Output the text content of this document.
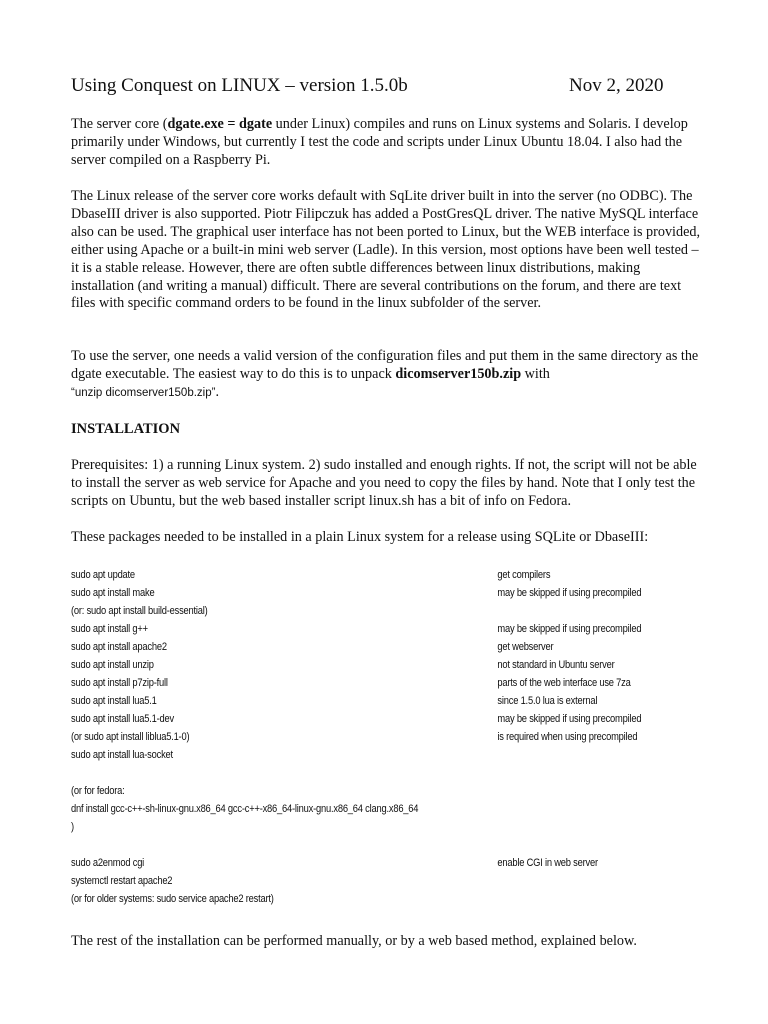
Using Conquest on LINUX – version 1.5.0b	Nov 2, 2020

The server core (dgate.exe = dgate under Linux) compiles and runs on Linux systems and Solaris. I develop primarily under Windows, but currently I test the code and scripts under Linux Ubuntu 18.04. I also had the server compiled on a Raspberry Pi.

The Linux release of the server core works default with SqLite driver built in into the server (no ODBC). The DbaseIII driver is also supported. Piotr Filipczuk has added a PostGresQL driver. The native MySQL interface also can be used. The graphical user interface has not been ported to Linux, but the WEB interface is provided, either using Apache or a built-in mini web server (Ladle). In this version, most options have been well tested – it is a stable release. However, there are often subtle differences between linux distributions, making installation (and writing a manual) difficult. There are several contributions on the forum, and there are text files with specific command orders to be found in the linux subfolder of the server.

To use the server, one needs a valid version of the configuration files and put them in the same directory as the dgate executable. The easiest way to do this is to unpack dicomserver150b.zip with
“unzip dicomserver150b.zip”.

INSTALLATION

Prerequisites: 1) a running Linux system. 2) sudo installed and enough rights. If not, the script will not be able to install the server as web service for Apache and you need to copy the files by hand. Note that I only test the scripts on Ubuntu, but the web based installer script linux.sh has a bit of info on Fedora.

These packages needed to be installed in a plain Linux system for a release using SQLite or DbaseIII:

sudo apt update	get compilers
sudo apt install make	may be skipped if using precompiled
(or: sudo apt install build-essential)
sudo apt install g++	may be skipped if using precompiled
sudo apt install apache2	get webserver
sudo apt install unzip	not standard in Ubuntu server
sudo apt install p7zip-full	parts of the web interface use 7za
sudo apt install lua5.1	since 1.5.0 lua is external
sudo apt install lua5.1-dev	may be skipped if using precompiled
(or sudo apt install liblua5.1-0)	is required when using precompiled
sudo apt install lua-socket
(or for fedora:
dnf install gcc-c++-sh-linux-gnu.x86_64 gcc-c++-x86_64-linux-gnu.x86_64 clang.x86_64
)
sudo a2enmod cgi	enable CGI in web server
systemctl restart apache2
(or for older systems: sudo service apache2 restart)

The rest of the installation can be performed manually, or by a web based method, explained below.
